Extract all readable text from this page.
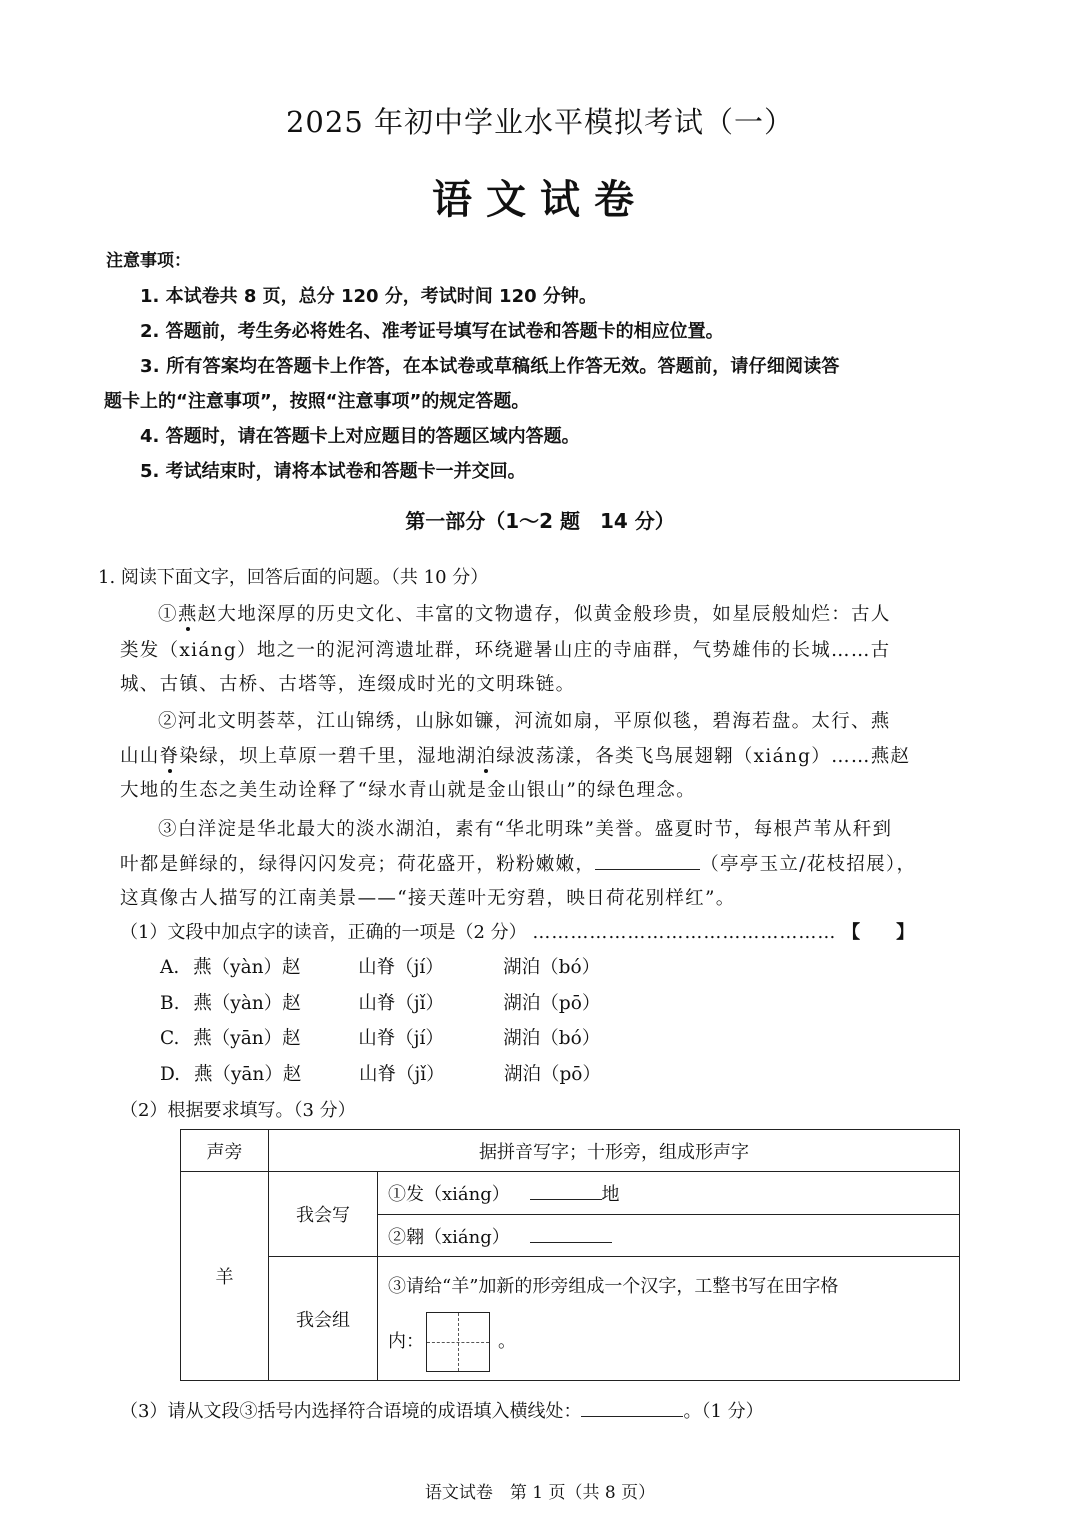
2025 年初中学业水平模拟考试（一）
语文试卷
注意事项：
1. 本试卷共 8 页，总分 120 分，考试时间 120 分钟。
2. 答题前，考生务必将姓名、准考证号填写在试卷和答题卡的相应位置。
3. 所有答案均在答题卡上作答，在本试卷或草稿纸上作答无效。答题前，请仔细阅读答
题卡上的“注意事项”，按照“注意事项”的规定答题。
4. 答题时，请在答题卡上对应题目的答题区域内答题。
5. 考试结束时，请将本试卷和答题卡一并交回。
第一部分（1～2 题　14 分）
1. 阅读下面文字，回答后面的问题。（共 10 分）
①燕赵大地深厚的历史文化、丰富的文物遗存，似黄金般珍贵，如星辰般灿烂：古人
类发（xiáng）地之一的泥河湾遗址群，环绕避暑山庄的寺庙群，气势雄伟的长城……古
城、古镇、古桥、古塔等，连缀成时光的文明珠链。
②河北文明荟萃，江山锦绣，山脉如镰，河流如扇，平原似毯，碧海若盘。太行、燕
山山脊染绿，坝上草原一碧千里，湿地湖泊绿波荡漾，各类飞鸟展翅翱（xiáng）……燕赵
大地的生态之美生动诠释了“绿水青山就是金山银山”的绿色理念。
③白洋淀是华北最大的淡水湖泊，素有“华北明珠”美誉。盛夏时节，每根芦苇从秆到
叶都是鲜绿的，绿得闪闪发亮；荷花盛开，粉粉嫩嫩，	（亭亭玉立/花枝招展），
这真像古人描写的江南美景——“接天莲叶无穷碧，映日荷花别样红”。
（1）文段中加点字的读音，正确的一项是（2 分） ………………………………………… 【　　】
A. 燕（yàn）赵	山脊（jí）	湖泊（bó）
B. 燕（yàn）赵	山脊（jǐ）	湖泊（pō）
C. 燕（yān）赵	山脊（jí）	湖泊（bó）
D. 燕（yān）赵	山脊（jǐ）	湖泊（pō）
（2）根据要求填写。（3 分）
声旁	据拼音写字；十形旁，组成形声字	
羊	我会写	①发（xiáng） 地
		②翱（xiáng）
	我会组	③请给“羊”加新的形旁组成一个汉字，工整书写在田字格
内： 。
（3）请从文段③括号内选择符合语境的成语填入横线处：	。（1 分）
语文试卷　第 1 页（共 8 页）
